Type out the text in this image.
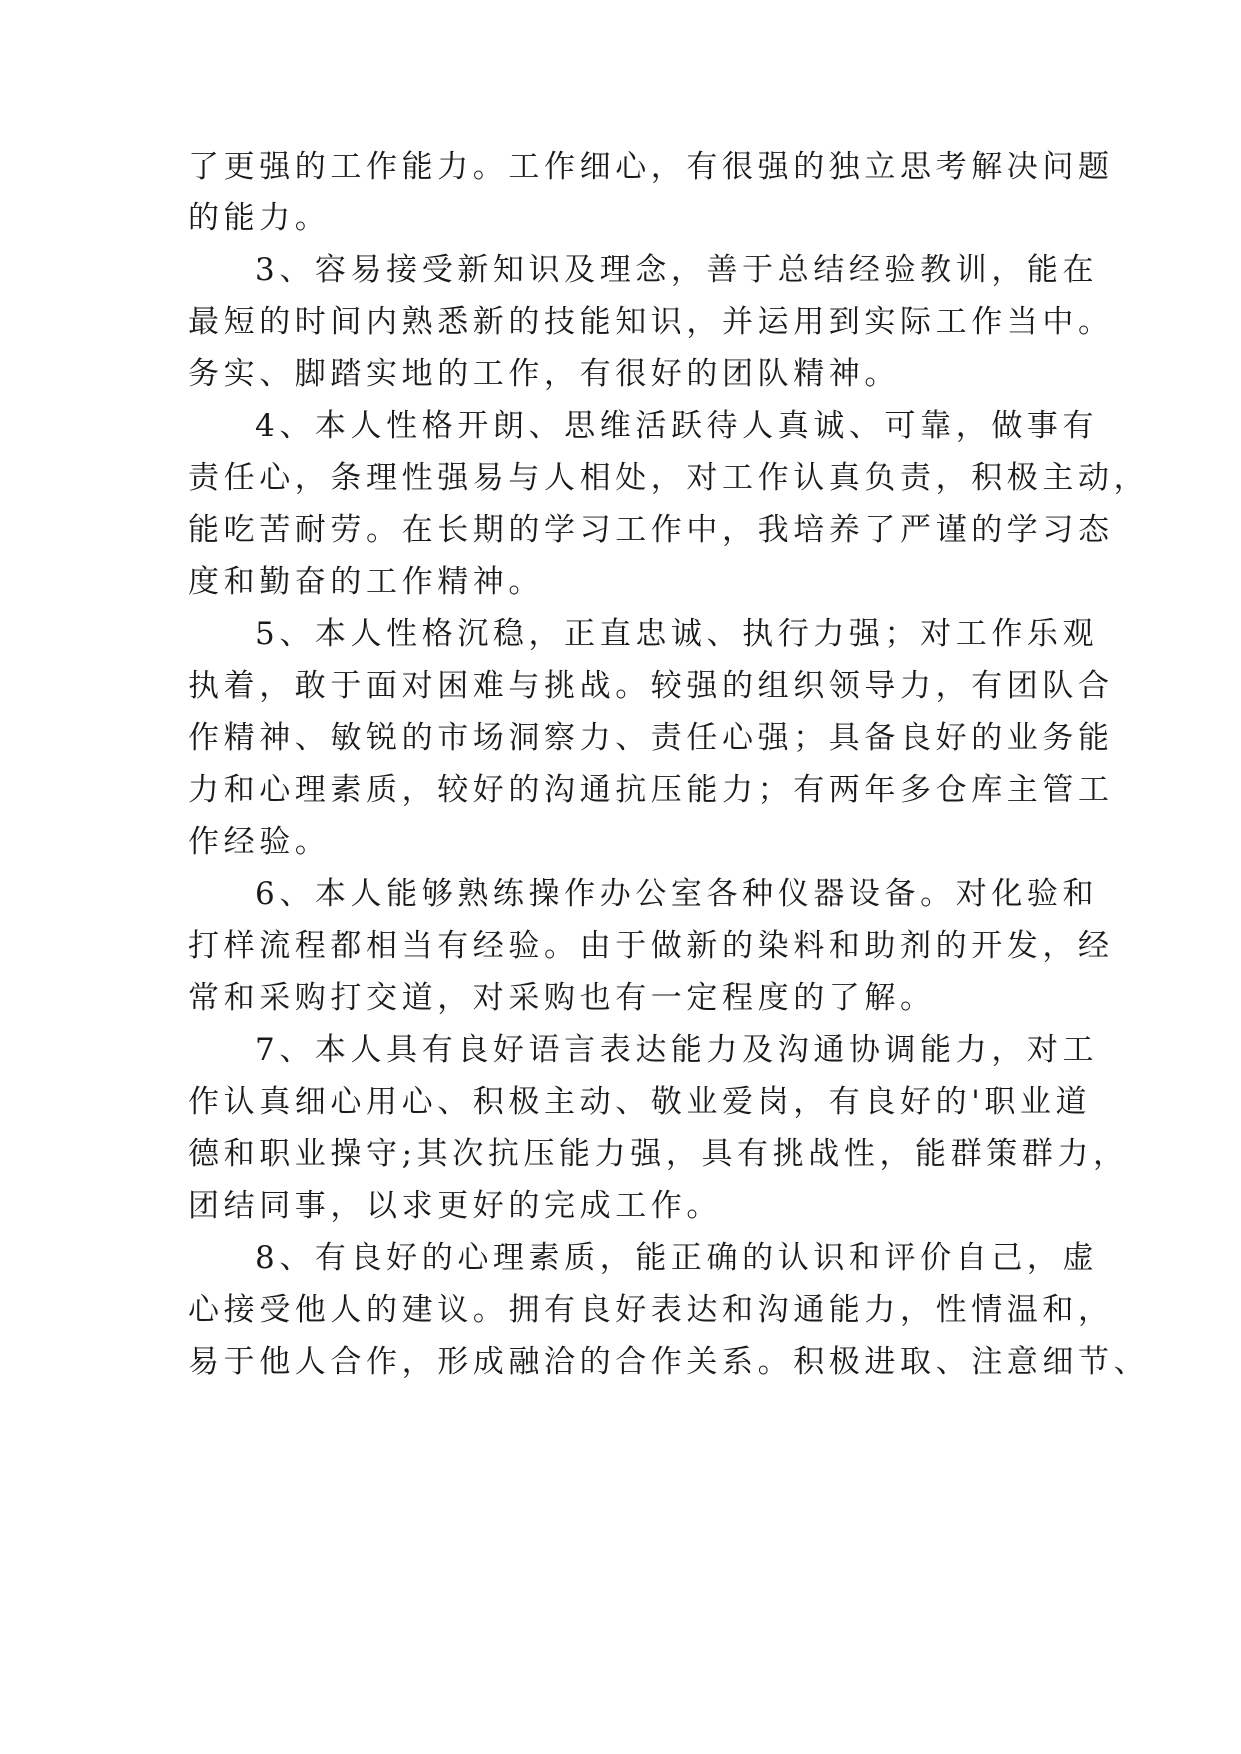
了更强的工作能力。工作细心，有很强的独立思考解决问题
的能力。
3、容易接受新知识及理念，善于总结经验教训，能在
最短的时间内熟悉新的技能知识，并运用到实际工作当中。
务实、脚踏实地的工作，有很好的团队精神。
4、本人性格开朗、思维活跃待人真诚、可靠，做事有
责任心，条理性强易与人相处，对工作认真负责，积极主动，
能吃苦耐劳。在长期的学习工作中，我培养了严谨的学习态
度和勤奋的工作精神。
5、本人性格沉稳，正直忠诚、执行力强；对工作乐观
执着，敢于面对困难与挑战。较强的组织领导力，有团队合
作精神、敏锐的市场洞察力、责任心强；具备良好的业务能
力和心理素质，较好的沟通抗压能力；有两年多仓库主管工
作经验。
6、本人能够熟练操作办公室各种仪器设备。对化验和
打样流程都相当有经验。由于做新的染料和助剂的开发，经
常和采购打交道，对采购也有一定程度的了解。
7、本人具有良好语言表达能力及沟通协调能力，对工
作认真细心用心、积极主动、敬业爱岗，有良好的'职业道
德和职业操守;其次抗压能力强，具有挑战性，能群策群力，
团结同事，以求更好的完成工作。
8、有良好的心理素质，能正确的认识和评价自己，虚
心接受他人的建议。拥有良好表达和沟通能力，性情温和，
易于他人合作，形成融洽的合作关系。积极进取、注意细节、
